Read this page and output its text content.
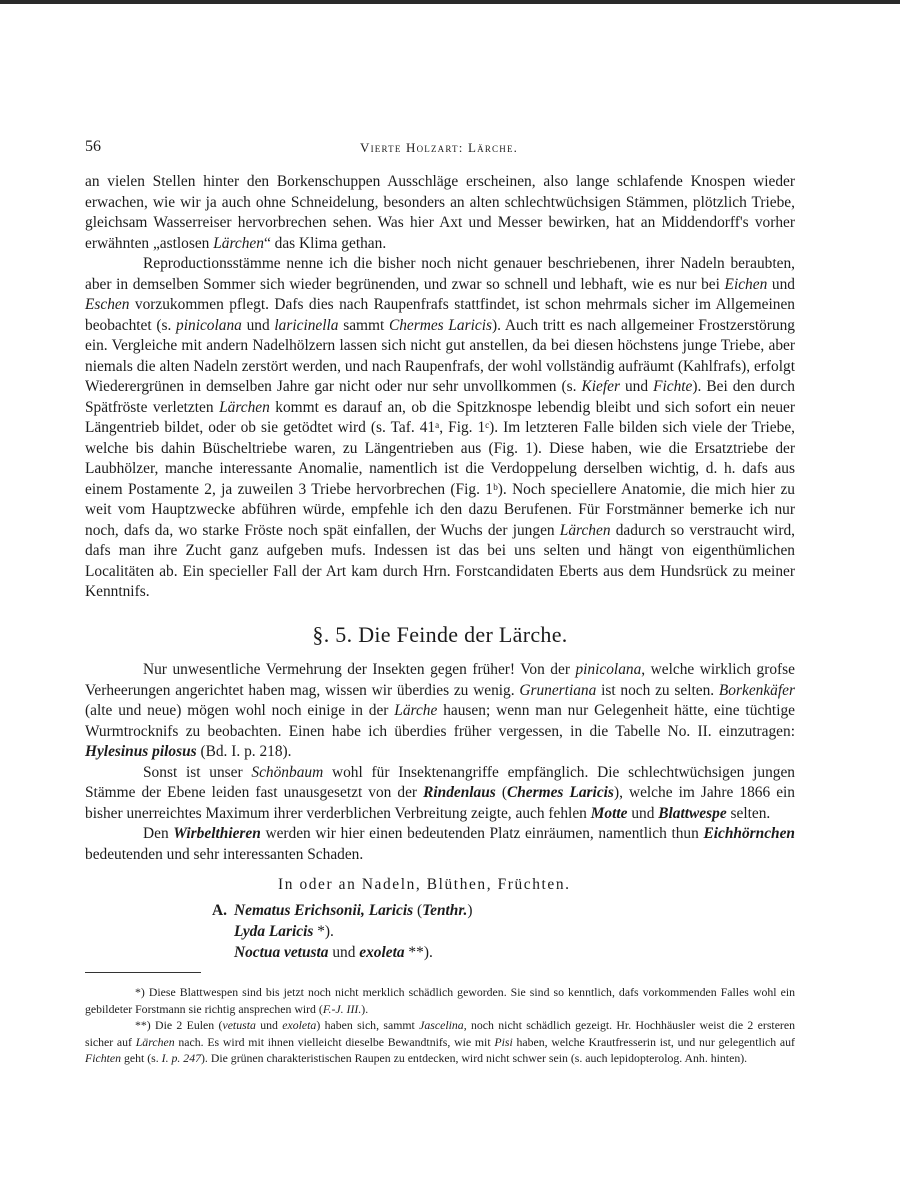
56	Vierte Holzart: Lärche.

an vielen Stellen hinter den Borkenschuppen Ausschläge erscheinen, also lange schlafende Knospen wieder erwachen, wie wir ja auch ohne Schneidelung, besonders an alten schlechtwüchsigen Stämmen, plötzlich Triebe, gleichsam Wasserreiser hervorbrechen sehen. Was hier Axt und Messer bewirken, hat an Middendorff's vorher erwähnten „astlosen Lärchen“ das Klima gethan.

Reproductionsstämme nenne ich die bisher noch nicht genauer beschriebenen, ihrer Nadeln beraubten, aber in demselben Sommer sich wieder begrünenden, und zwar so schnell und lebhaft, wie es nur bei Eichen und Eschen vorzukommen pflegt. Dafs dies nach Raupenfrafs stattfindet, ist schon mehrmals sicher im Allgemeinen beobachtet (s. pinicolana und laricinella sammt Chermes Laricis). Auch tritt es nach allgemeiner Frostzerstörung ein. Vergleiche mit andern Nadelhölzern lassen sich nicht gut anstellen, da bei diesen höchstens junge Triebe, aber niemals die alten Nadeln zerstört werden, und nach Raupenfrafs, der wohl vollständig aufräumt (Kahlfrafs), erfolgt Wiederergrünen in demselben Jahre gar nicht oder nur sehr unvollkommen (s. Kiefer und Fichte). Bei den durch Spätfröste verletzten Lärchen kommt es darauf an, ob die Spitzknospe lebendig bleibt und sich sofort ein neuer Längentrieb bildet, oder ob sie getödtet wird (s. Taf. 41ᵃ, Fig. 1ᶜ). Im letzteren Falle bilden sich viele der Triebe, welche bis dahin Büscheltriebe waren, zu Längentrieben aus (Fig. 1). Diese haben, wie die Ersatztriebe der Laubhölzer, manche interessante Anomalie, namentlich ist die Verdoppelung derselben wichtig, d. h. dafs aus einem Postamente 2, ja zuweilen 3 Triebe hervorbrechen (Fig. 1ᵇ). Noch speciellere Anatomie, die mich hier zu weit vom Hauptzwecke abführen würde, empfehle ich den dazu Berufenen. Für Forstmänner bemerke ich nur noch, dafs da, wo starke Fröste noch spät einfallen, der Wuchs der jungen Lärchen dadurch so verstraucht wird, dafs man ihre Zucht ganz aufgeben mufs. Indessen ist das bei uns selten und hängt von eigenthümlichen Localitäten ab. Ein specieller Fall der Art kam durch Hrn. Forstcandidaten Eberts aus dem Hundsrück zu meiner Kenntnifs.

§. 5. Die Feinde der Lärche.

Nur unwesentliche Vermehrung der Insekten gegen früher! Von der pinicolana, welche wirklich grofse Verheerungen angerichtet haben mag, wissen wir überdies zu wenig. Grunertiana ist noch zu selten. Borkenkäfer (alte und neue) mögen wohl noch einige in der Lärche hausen; wenn man nur Gelegenheit hätte, eine tüchtige Wurmtrocknifs zu beobachten. Einen habe ich überdies früher vergessen, in die Tabelle No. II. einzutragen: Hylesinus pilosus (Bd. I. p. 218).

Sonst ist unser Schönbaum wohl für Insektenangriffe empfänglich. Die schlechtwüchsigen jungen Stämme der Ebene leiden fast unausgesetzt von der Rindenlaus (Chermes Laricis), welche im Jahre 1866 ein bisher unerreichtes Maximum ihrer verderblichen Verbreitung zeigte, auch fehlen Motte und Blattwespe selten.

Den Wirbelthieren werden wir hier einen bedeutenden Platz einräumen, namentlich thun Eichhörnchen bedeutenden und sehr interessanten Schaden.

In oder an Nadeln, Blüthen, Früchten.
A. Nematus Erichsonii, Laricis (Tenthr.)
Lyda Laricis *).
Noctua vetusta und exoleta **).

*) Diese Blattwespen sind bis jetzt noch nicht merklich schädlich geworden. Sie sind so kenntlich, dafs vorkommenden Falles wohl ein gebildeter Forstmann sie richtig ansprechen wird (F.-J. III.).

**) Die 2 Eulen (vetusta und exoleta) haben sich, sammt Jascelina, noch nicht schädlich gezeigt. Hr. Hochhäusler weist die 2 ersteren sicher auf Lärchen nach. Es wird mit ihnen vielleicht dieselbe Bewandtnifs, wie mit Pisi haben, welche Krautfresserin ist, und nur gelegentlich auf Fichten geht (s. I. p. 247). Die grünen charakteristischen Raupen zu entdecken, wird nicht schwer sein (s. auch lepidopterolog. Anh. hinten).
